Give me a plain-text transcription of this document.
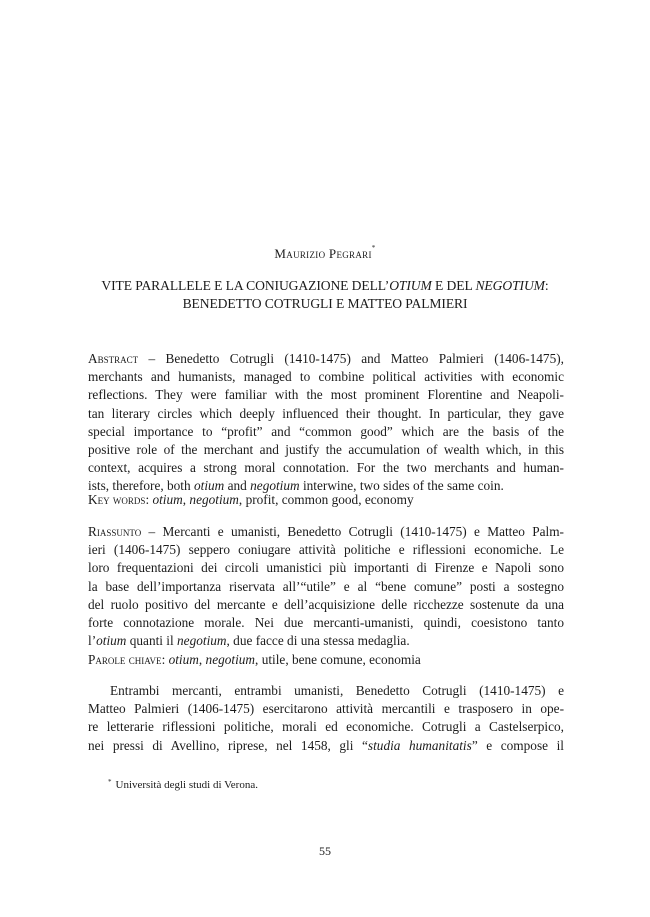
Maurizio Pegrari*
VITE PARALLELE E LA CONIUGAZIONE DELL’OTIUM E DEL NEGOTIUM:
BENEDETTO COTRUGLI E MATTEO PALMIERI
Abstract – Benedetto Cotrugli (1410-1475) and Matteo Palmieri (1406-1475),
merchants and humanists, managed to combine political activities with economic
reflections. They were familiar with the most prominent Florentine and Neapoli-
tan literary circles which deeply influenced their thought. In particular, they gave
special importance to “profit” and “common good” which are the basis of the
positive role of the merchant and justify the accumulation of wealth which, in this
context, acquires a strong moral connotation. For the two merchants and human-
ists, therefore, both otium and negotium interwine, two sides of the same coin.
Key words: otium, negotium, profit, common good, economy
Riassunto – Mercanti e umanisti, Benedetto Cotrugli (1410-1475) e Matteo Palm-
ieri (1406-1475) seppero coniugare attività politiche e riflessioni economiche. Le
loro frequentazioni dei circoli umanistici più importanti di Firenze e Napoli sono
la base dell’importanza riservata all’“utile” e al “bene comune” posti a sostegno
del ruolo positivo del mercante e dell’acquisizione delle ricchezze sostenute da una
forte connotazione morale. Nei due mercanti-umanisti, quindi, coesistono tanto
l’otium quanti il negotium, due facce di una stessa medaglia.
Parole chiave: otium, negotium, utile, bene comune, economia
Entrambi mercanti, entrambi umanisti, Benedetto Cotrugli (1410-1475) e
Matteo Palmieri (1406-1475) esercitarono attività mercantili e trasposero in ope-
re letterarie riflessioni politiche, morali ed economiche. Cotrugli a Castelserpico,
nei pressi di Avellino, riprese, nel 1458, gli “studia humanitatis” e compose il
* Università degli studi di Verona.
55
